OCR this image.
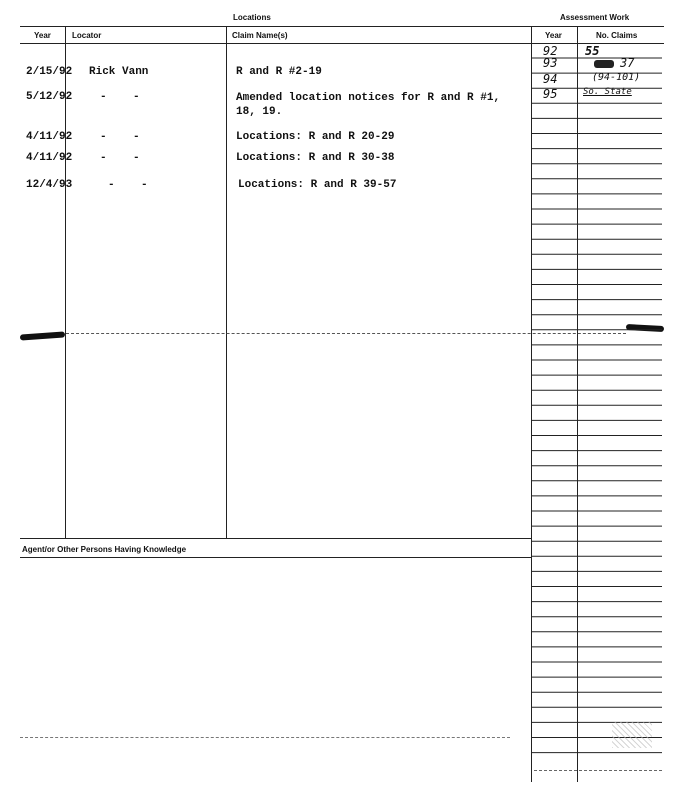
Locations	Assessment Work
Year	Locator	Claim Name(s)	Year	No. Claims
Agent/or Other Persons Having Knowledge
2/15/92 Rick Vann	R and R #2-19
5/12/92	-    -	Amended location notices for R and R #1,
18, 19.
4/11/92	-    -	Locations: R and R 20-29
4/11/92	-    -	Locations: R and R 30-38
12/4/93	-    -	Locations: R and R 39-57
92 55
93	37
94	(94-101)
95	So. State
